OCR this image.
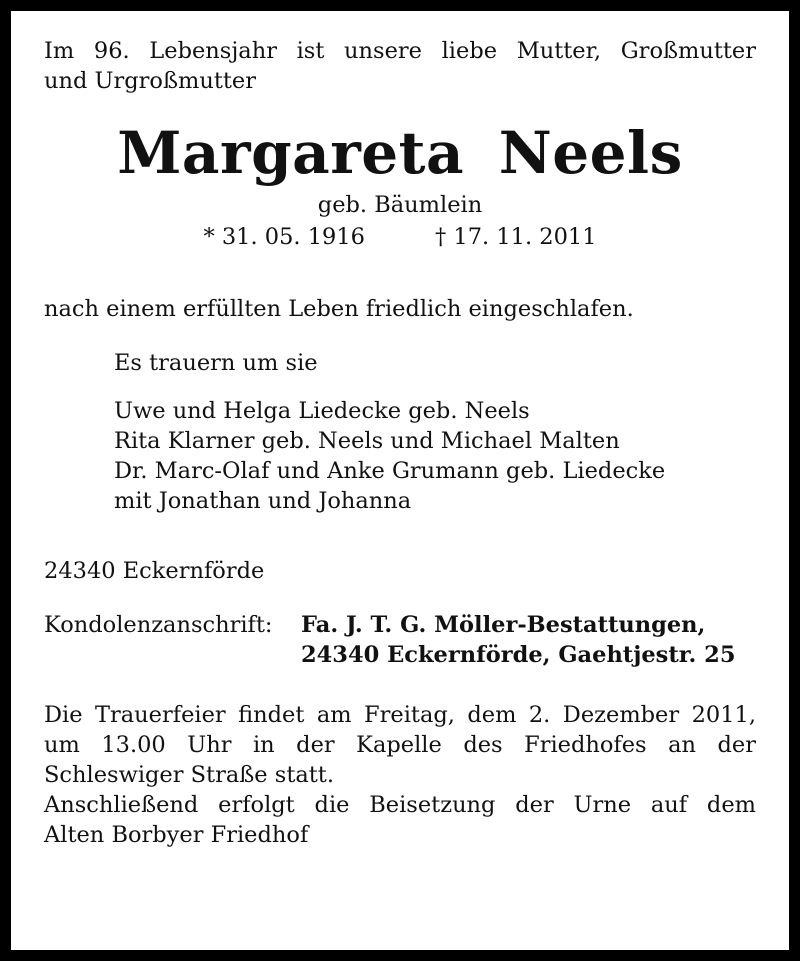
Im 96. Lebensjahr ist unsere liebe Mutter, Großmutter

und Urgroßmutter

Margareta Neels
geb. Bäumlein
* 31. 05. 1916	† 17. 11. 2011

nach einem erfüllten Leben friedlich eingeschlafen.

Es trauern um sie

Uwe und Helga Liedecke geb. Neels
Rita Klarner geb. Neels und Michael Malten
Dr. Marc-Olaf und Anke Grumann geb. Liedecke
mit Jonathan und Johanna

24340 Eckernförde

Kondolenzanschrift:	Fa. J. T. G. Möller-Bestattungen,
24340 Eckernförde, Gaehtjestr. 25
Die Trauerfeier findet am Freitag, dem 2. Dezember 2011,
um 13.00 Uhr in der Kapelle des Friedhofes an der
Schleswiger Straße statt.
Anschließend erfolgt die Beisetzung der Urne auf dem
Alten Borbyer Friedhof
